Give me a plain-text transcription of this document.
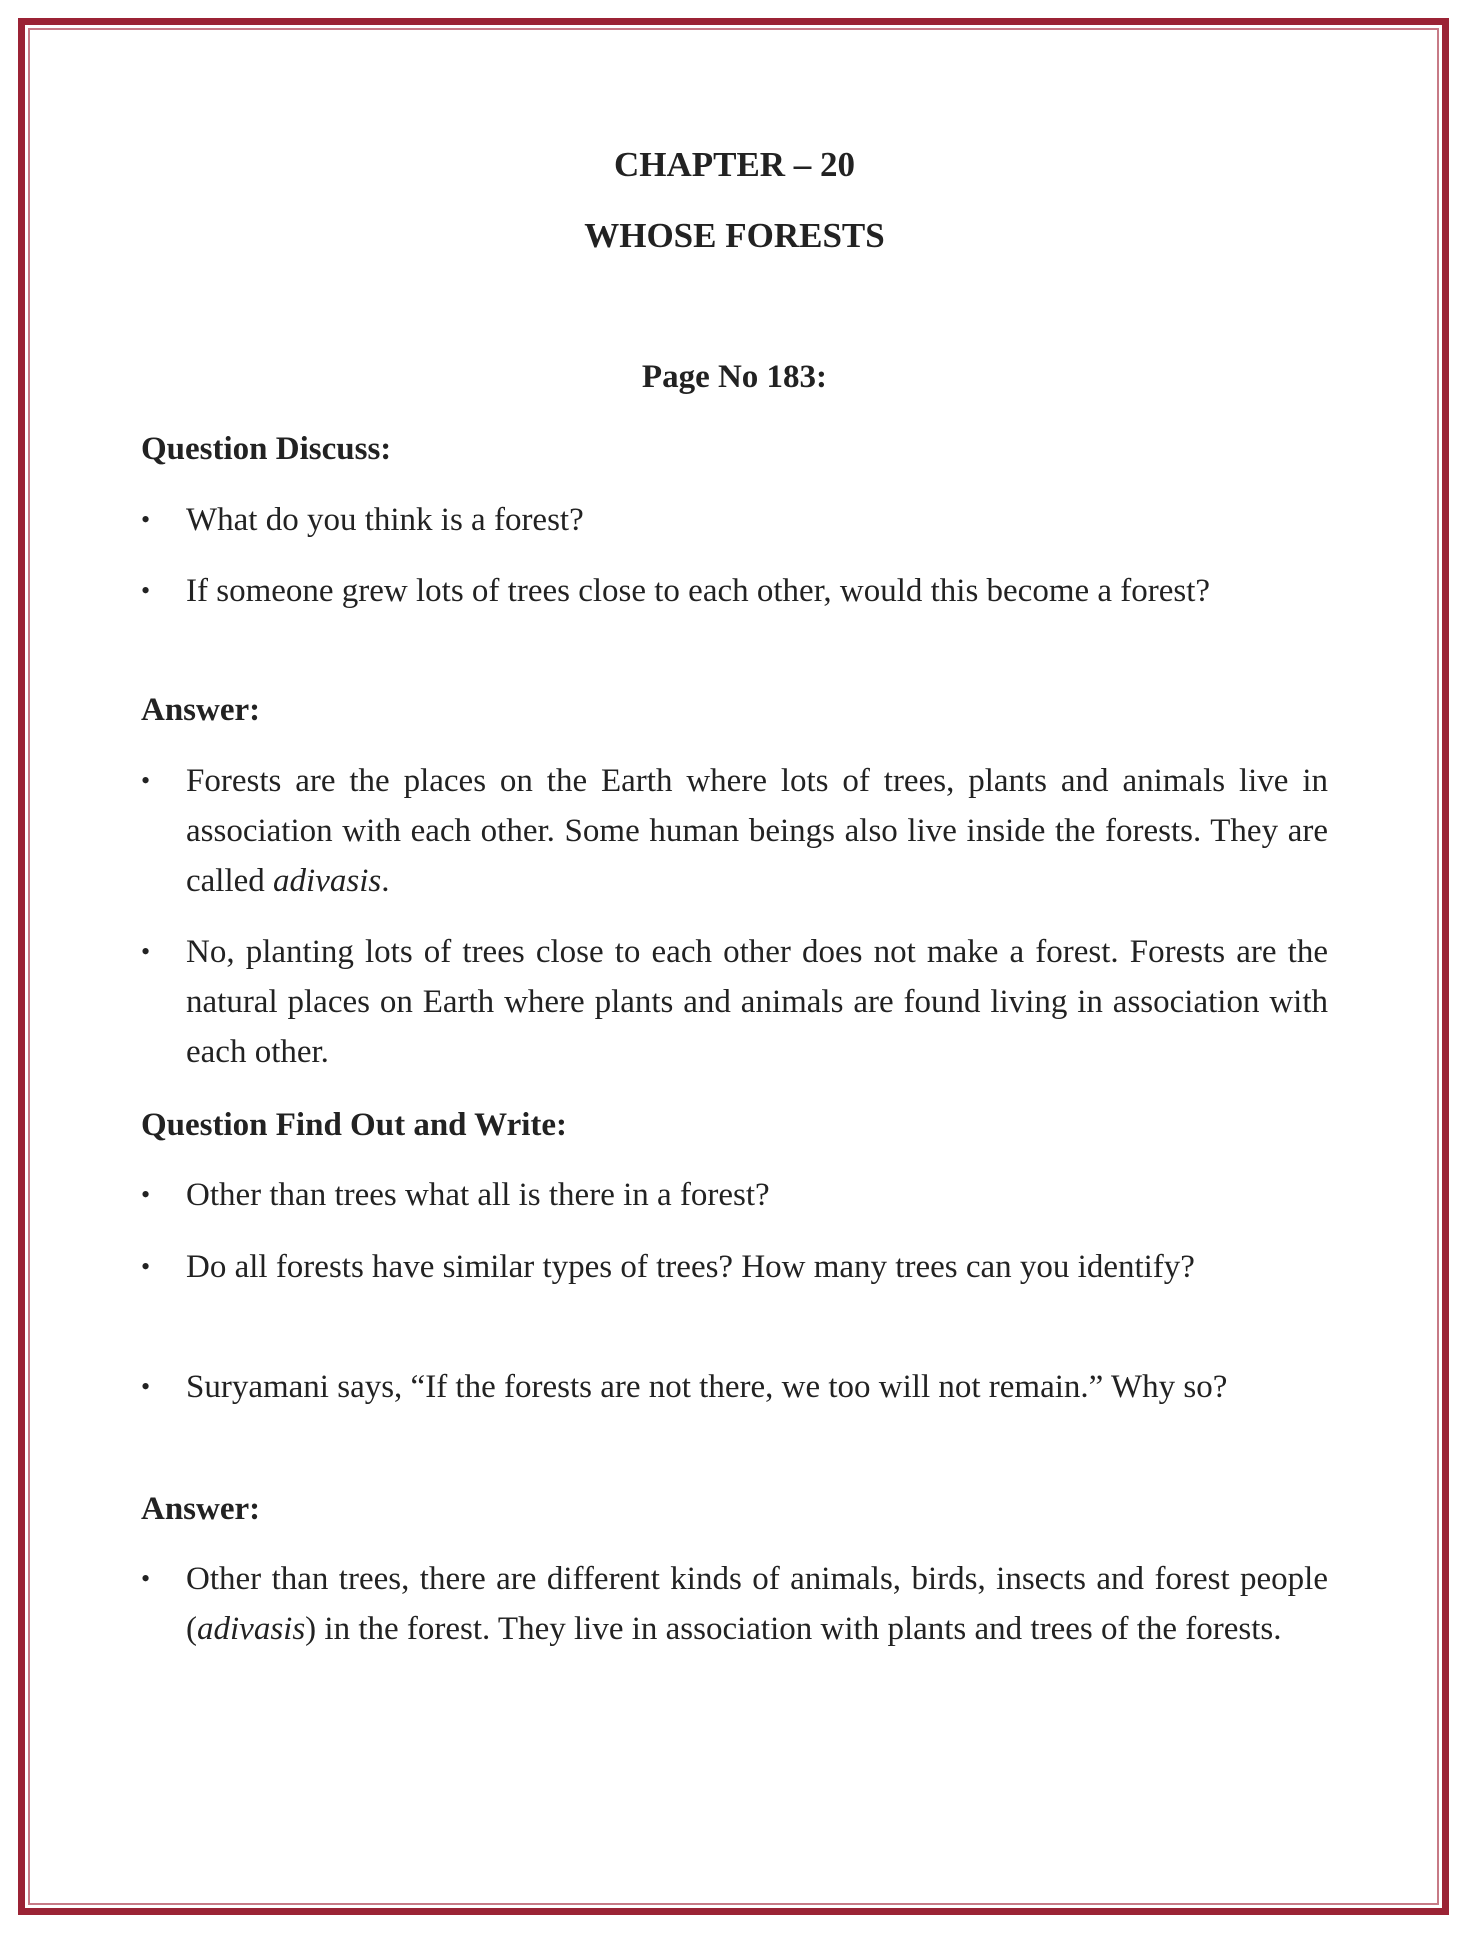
CHAPTER – 20
WHOSE FORESTS
Page No 183:
Question Discuss:
• What do you think is a forest?
• If someone grew lots of trees close to each other, would this become a forest?
Answer:
• Forests are the places on the Earth where lots of trees, plants and animals live in association with each other. Some human beings also live inside the forests. They are called adivasis.
• No, planting lots of trees close to each other does not make a forest. Forests are the natural places on Earth where plants and animals are found living in association with each other.
Question Find Out and Write:
• Other than trees what all is there in a forest?
• Do all forests have similar types of trees? How many trees can you identify?
• Suryamani says, “If the forests are not there, we too will not remain.” Why so?
Answer:
• Other than trees, there are different kinds of animals, birds, insects and forest people (adivasis) in the forest. They live in association with plants and trees of the forests.
